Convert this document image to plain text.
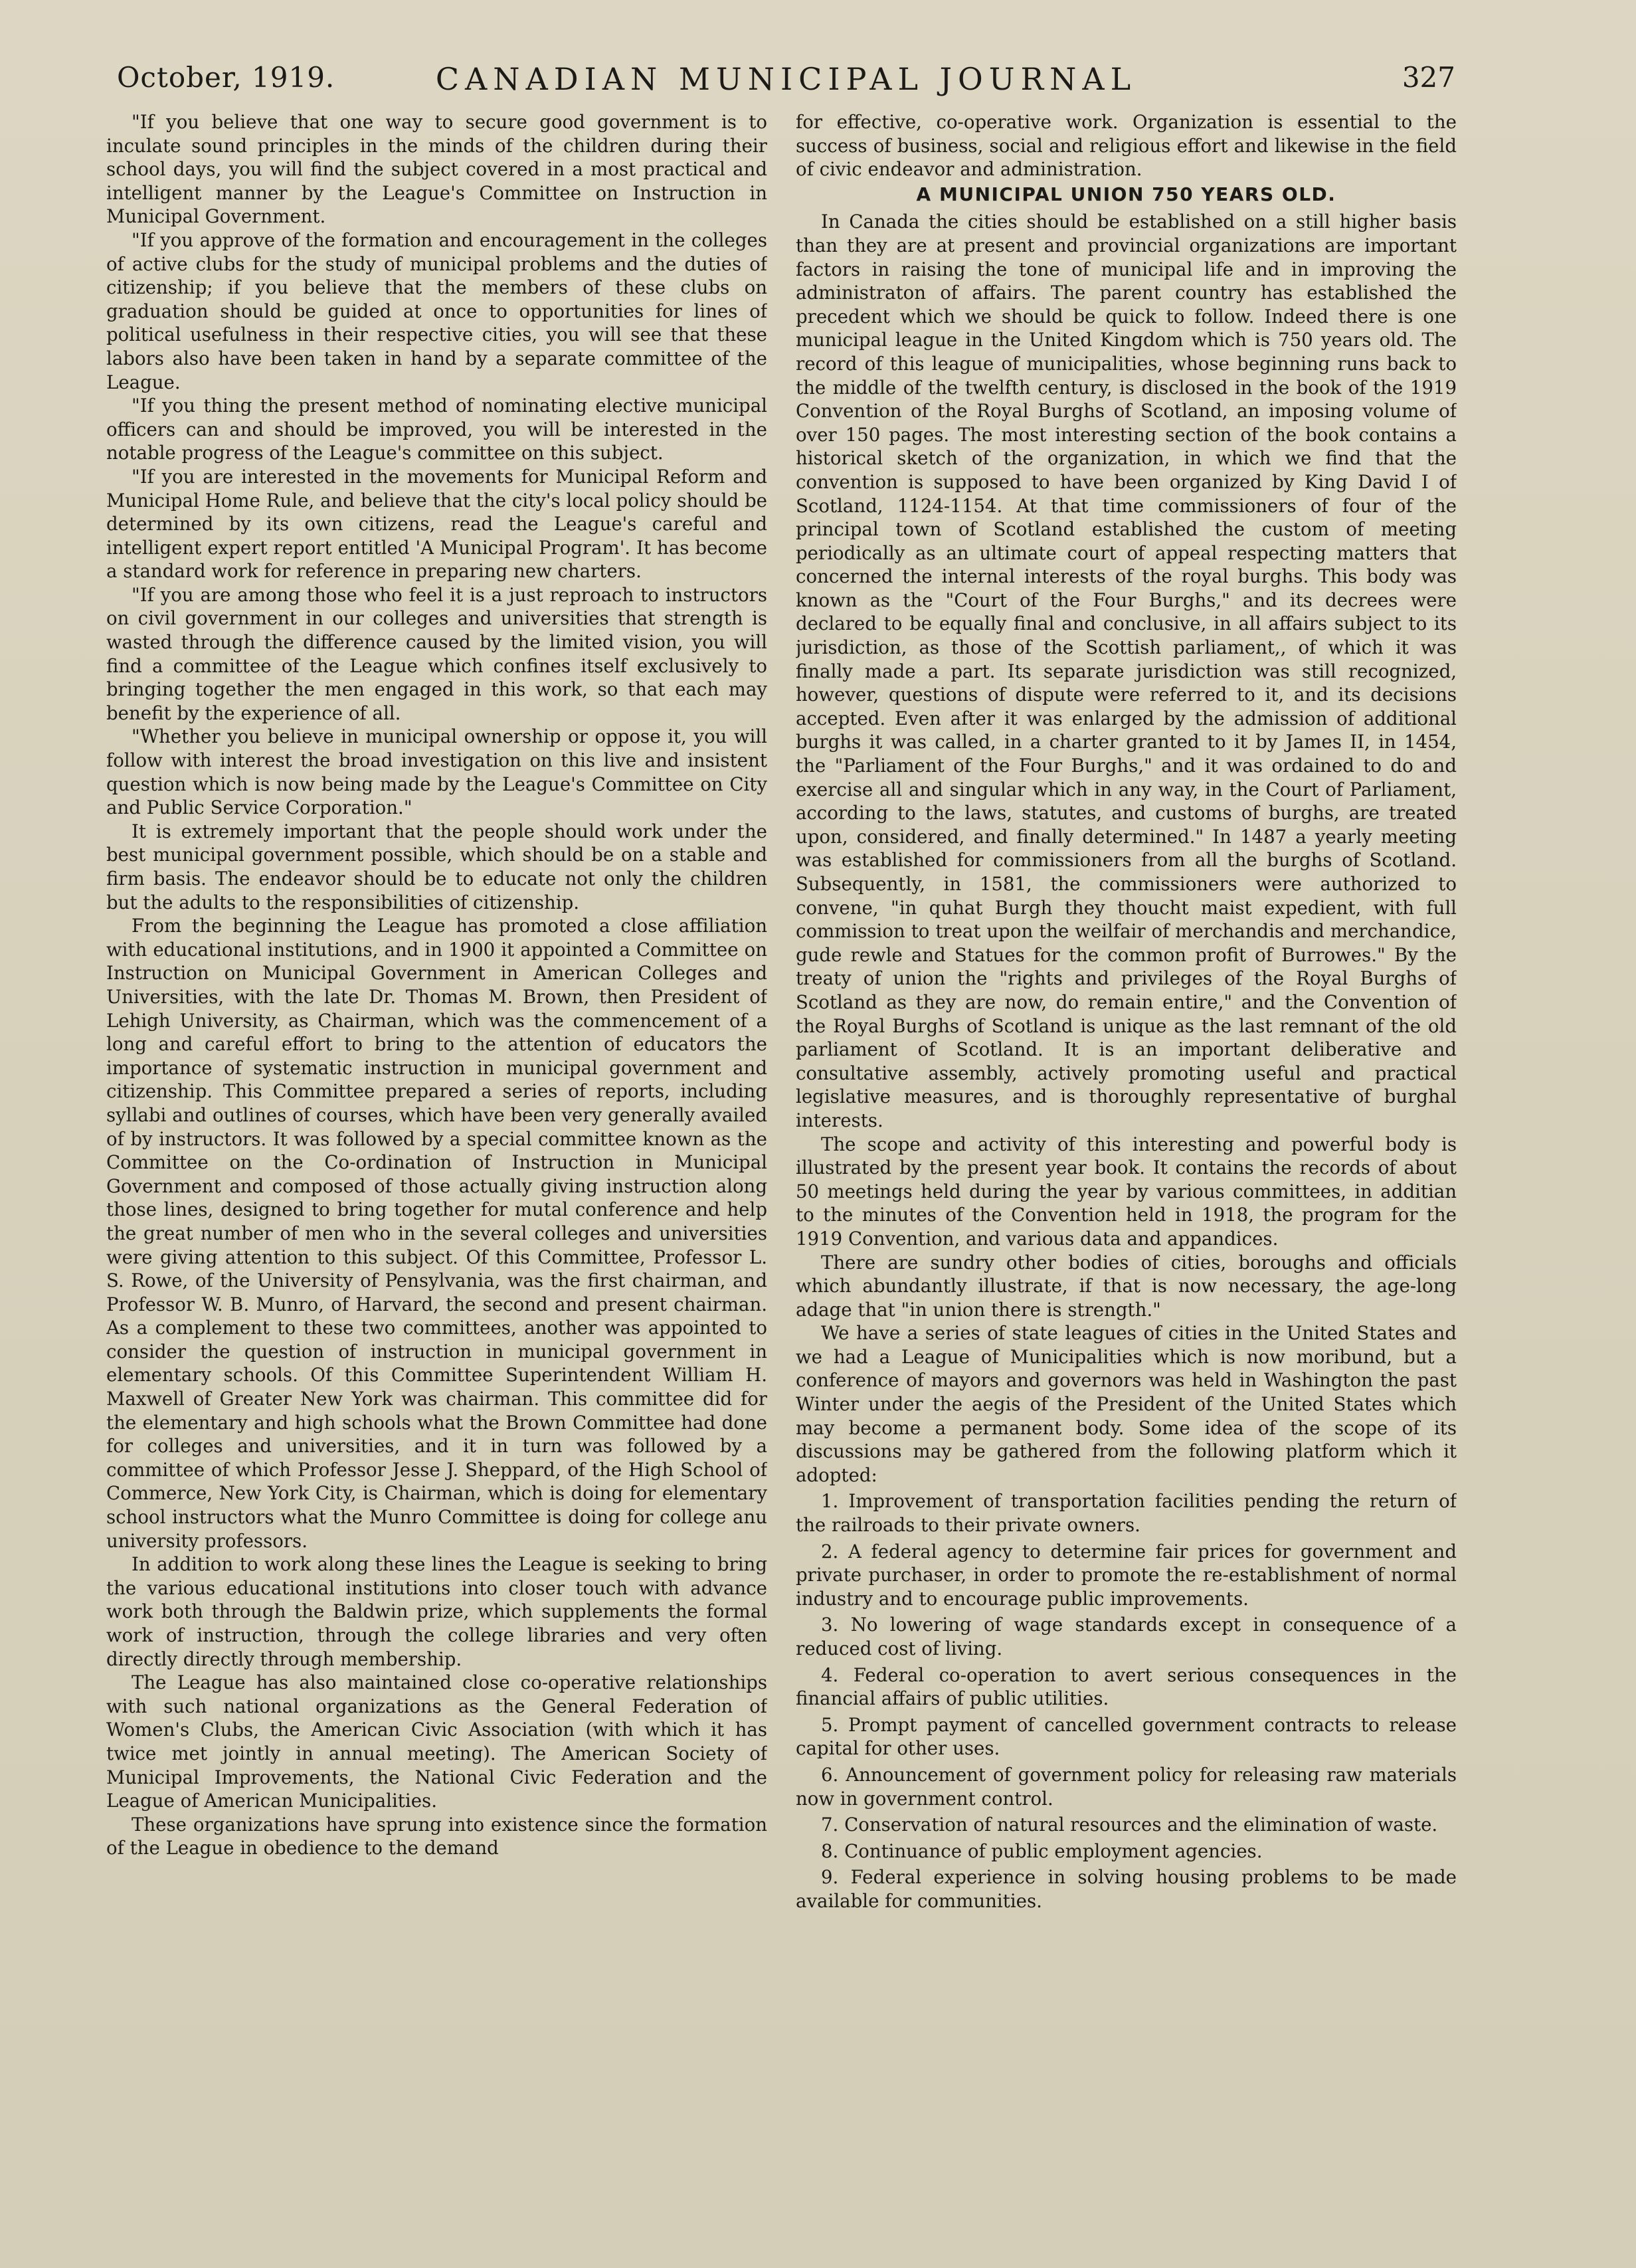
October, 1919.	CANADIAN MUNICIPAL JOURNAL	327

"If you believe that one way to secure good government is to inculate sound principles in the minds of the children during their school days, you will find the subject covered in a most practical and intelligent manner by the League's Committee on Instruction in Municipal Government.

"If you approve of the formation and encouragement in the colleges of active clubs for the study of municipal problems and the duties of citizenship; if you believe that the members of these clubs on graduation should be guided at once to opportunities for lines of political usefulness in their respective cities, you will see that these labors also have been taken in hand by a separate committee of the League.

"If you thing the present method of nominating elective municipal officers can and should be improved, you will be interested in the notable progress of the League's committee on this subject.

"If you are interested in the movements for Municipal Reform and Municipal Home Rule, and believe that the city's local policy should be determined by its own citizens, read the League's careful and intelligent expert report entitled 'A Municipal Program'. It has become a standard work for reference in preparing new charters.

"If you are among those who feel it is a just reproach to instructors on civil government in our colleges and universities that strength is wasted through the difference caused by the limited vision, you will find a committee of the League which confines itself exclusively to bringing together the men engaged in this work, so that each may benefit by the experience of all.

"Whether you believe in municipal ownership or oppose it, you will follow with interest the broad investigation on this live and insistent question which is now being made by the League's Committee on City and Public Service Corporation."

It is extremely important that the people should work under the best municipal government possible, which should be on a stable and firm basis. The endeavor should be to educate not only the children but the adults to the responsibilities of citizenship.

From the beginning the League has promoted a close affiliation with educational institutions, and in 1900 it appointed a Committee on Instruction on Municipal Government in American Colleges and Universities, with the late Dr. Thomas M. Brown, then President of Lehigh University, as Chairman, which was the commencement of a long and careful effort to bring to the attention of educators the importance of systematic instruction in municipal government and citizenship. This Committee prepared a series of reports, including syllabi and outlines of courses, which have been very generally availed of by instructors. It was followed by a special committee known as the Committee on the Co-ordination of Instruction in Municipal Government and composed of those actually giving instruction along those lines, designed to bring together for mutal conference and help the great number of men who in the several colleges and universities were giving attention to this subject. Of this Committee, Professor L. S. Rowe, of the University of Pensylvania, was the first chairman, and Professor W. B. Munro, of Harvard, the second and present chairman. As a complement to these two committees, another was appointed to consider the question of instruction in municipal government in elementary schools. Of this Committee Superintendent William H. Maxwell of Greater New York was chairman. This committee did for the elementary and high schools what the Brown Committee had done for colleges and universities, and it in turn was followed by a committee of which Professor Jesse J. Sheppard, of the High School of Commerce, New York City, is Chairman, which is doing for elementary school instructors what the Munro Committee is doing for college anu university professors.

In addition to work along these lines the League is seeking to bring the various educational institutions into closer touch with advance work both through the Baldwin prize, which supplements the formal work of instruction, through the college libraries and very often directly directly through membership.

The League has also maintained close co-operative relationships with such national organizations as the General Federation of Women's Clubs, the American Civic Association (with which it has twice met jointly in annual meeting). The American Society of Municipal Improvements, the National Civic Federation and the League of American Municipalities.

These organizations have sprung into existence since the formation of the League in obedience to the demand

for effective, co-operative work. Organization is essential to the success of business, social and religious effort and likewise in the field of civic endeavor and administration.

A MUNICIPAL UNION 750 YEARS OLD.

In Canada the cities should be established on a still higher basis than they are at present and provincial organizations are important factors in raising the tone of municipal life and in improving the administraton of affairs. The parent country has established the precedent which we should be quick to follow. Indeed there is one municipal league in the United Kingdom which is 750 years old. The record of this league of municipalities, whose beginning runs back to the middle of the twelfth century, is disclosed in the book of the 1919 Convention of the Royal Burghs of Scotland, an imposing volume of over 150 pages. The most interesting section of the book contains a historical sketch of the organization, in which we find that the convention is supposed to have been organized by King David I of Scotland, 1124-1154. At that time commissioners of four of the principal town of Scotland established the custom of meeting periodically as an ultimate court of appeal respecting matters that concerned the internal interests of the royal burghs. This body was known as the "Court of the Four Burghs," and its decrees were declared to be equally final and conclusive, in all affairs subject to its jurisdiction, as those of the Scottish parliament,, of which it was finally made a part. Its separate jurisdiction was still recognized, however, questions of dispute were referred to it, and its decisions accepted. Even after it was enlarged by the admission of additional burghs it was called, in a charter granted to it by James II, in 1454, the "Parliament of the Four Burghs," and it was ordained to do and exercise all and singular which in any way, in the Court of Parliament, according to the laws, statutes, and customs of burghs, are treated upon, considered, and finally determined." In 1487 a yearly meeting was established for commissioners from all the burghs of Scotland. Subsequently, in 1581, the commissioners were authorized to convene, "in quhat Burgh they thoucht maist expedient, with full commission to treat upon the weilfair of merchandis and merchandice, gude rewle and Statues for the common profit of Burrowes." By the treaty of union the "rights and privileges of the Royal Burghs of Scotland as they are now, do remain entire," and the Convention of the Royal Burghs of Scotland is unique as the last remnant of the old parliament of Scotland. It is an important deliberative and consultative assembly, actively promoting useful and practical legislative measures, and is thoroughly representative of burghal interests.

The scope and activity of this interesting and powerful body is illustrated by the present year book. It contains the records of about 50 meetings held during the year by various committees, in additian to the minutes of the Convention held in 1918, the program for the 1919 Convention, and various data and appandices.

There are sundry other bodies of cities, boroughs and officials which abundantly illustrate, if that is now necessary, the age-long adage that "in union there is strength."

We have a series of state leagues of cities in the United States and we had a League of Municipalities which is now moribund, but a conference of mayors and governors was held in Washington the past Winter under the aegis of the President of the United States which may become a permanent body. Some idea of the scope of its discussions may be gathered from the following platform which it adopted:

1. Improvement of transportation facilities pending the return of the railroads to their private owners.

2. A federal agency to determine fair prices for government and private purchaser, in order to promote the re-establishment of normal industry and to encourage public improvements.

3. No lowering of wage standards except in consequence of a reduced cost of living.

4. Federal co-operation to avert serious consequences in the financial affairs of public utilities.

5. Prompt payment of cancelled government contracts to release capital for other uses.

6. Announcement of government policy for releasing raw materials now in government control.

7. Conservation of natural resources and the elimination of waste.

8. Continuance of public employment agencies.

9. Federal experience in solving housing problems to be made available for communities.
